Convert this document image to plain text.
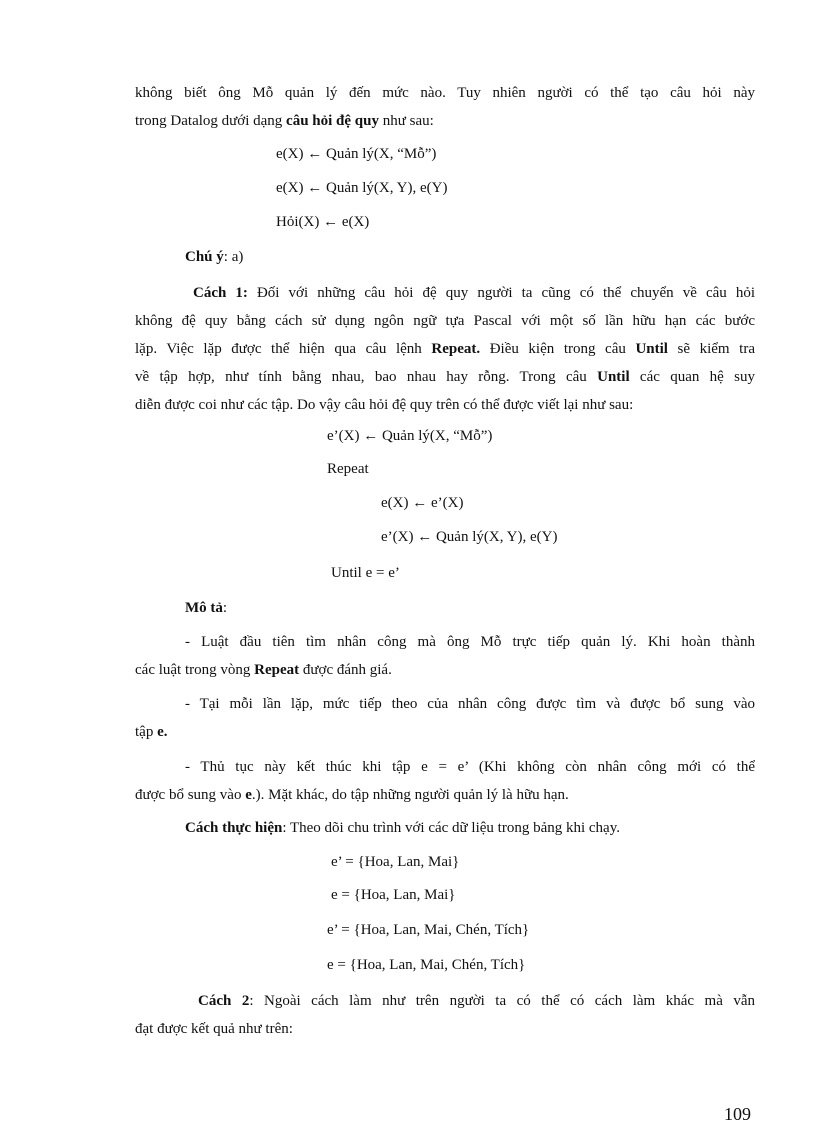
không biết ông Mỗ quản lý đến mức nào. Tuy nhiên người có thể tạo câu hỏi này
trong Datalog dưới dạng câu hỏi đệ quy như sau:
e(X) ← Quản lý(X, “Mỗ”)
e(X) ← Quản lý(X, Y), e(Y)
Hỏi(X) ← e(X)
Chú ý: a)
Cách 1: Đối với những câu hỏi đệ quy người ta cũng có thể chuyển về câu hỏi
không đệ quy bằng cách sử dụng ngôn ngữ tựa Pascal với một số lần hữu hạn các bước
lặp. Việc lặp được thể hiện qua câu lệnh Repeat. Điều kiện trong câu Until sẽ kiểm tra
về tập hợp, như tính bằng nhau, bao nhau hay rỗng. Trong câu Until các quan hệ suy
diễn được coi như các tập. Do vậy câu hỏi đệ quy trên có thể được viết lại như sau:
e’(X) ← Quản lý(X, “Mỗ”)
Repeat
e(X) ← e’(X)
e’(X) ← Quản lý(X, Y), e(Y)
Until e = e’
Mô tả:
- Luật đầu tiên tìm nhân công mà ông Mỗ trực tiếp quản lý. Khi hoàn thành
các luật trong vòng Repeat được đánh giá.
- Tại mỗi lần lặp, mức tiếp theo của nhân công được tìm và được bổ sung vào
tập e.
- Thủ tục này kết thúc khi tập e = e’ (Khi không còn nhân công mới có thể
được bổ sung vào e.). Mặt khác, do tập những người quản lý là hữu hạn.
Cách thực hiện: Theo dõi chu trình với các dữ liệu trong bảng khi chạy.
e’ = {Hoa, Lan, Mai}
e = {Hoa, Lan, Mai}
e’ = {Hoa, Lan, Mai, Chén, Tích}
e = {Hoa, Lan, Mai, Chén, Tích}
Cách 2: Ngoài cách làm như trên người ta có thể có cách làm khác mà vẫn
đạt được kết quả như trên:
109
